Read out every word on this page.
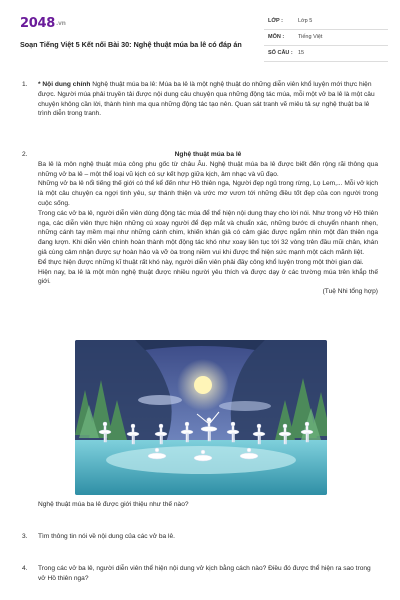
2048.vn
Soạn Tiếng Việt 5 Kết nối Bài 30: Nghệ thuật múa ba lê có đáp án
LỚP :	Lớp 5
MÔN :	Tiếng Việt
SỐ CÂU : 15
1. * Nội dung chính Nghệ thuật múa ba lê: Múa ba lê là một nghệ thuật do những diễn viên khổ luyện mới thực hiện được. Người múa phải truyền tải được nội dung câu chuyện qua những động tác múa, mỗi một vở ba lê là một câu chuyện không cần lời, thành hình ma qua những động tác tạo nên. Quan sát tranh vẽ miêu tả sự nghệ thuật ba lê trình diễn trong tranh.
2.	Nghệ thuật múa ba lê
Ba lê là môn nghệ thuật múa công phu gốc từ châu Âu. Nghệ thuật múa ba lê được biết đến rộng rãi thông qua những vở ba lê – một thể loại vũ kịch có sự kết hợp giữa kịch, âm nhạc và vũ đạo.
Những vở ba lê nổi tiếng thế giới có thể kể đến như Hồ thiên nga, Người đẹp ngủ trong rừng, Lọ Lem,... Mỗi vở kịch là một câu chuyện ca ngợi tình yêu, sự thánh thiện và ước mơ vươn tới những điều tốt đẹp của con người trong cuộc sống.
Trong các vở ba lê, người diễn viên dùng động tác múa để thể hiện nội dung thay cho lời nói. Như trong vở Hồ thiên nga, các diễn viên thực hiện những cú xoay người để đẹp mắt và chuẩn xác, những bước di chuyển nhanh nhẹn, những cánh tay mềm mại như những cánh chim, khiến khán giả có cảm giác được ngắm nhìn một đàn thiên nga đang lượn. Khi diễn viên chính hoàn thành một động tác khó như xoay liên tục tới 32 vòng trên đầu mũi chân, khán giả cùng cảm nhận được sự hoàn hảo và vỡ òa trong niềm vui khi được thể hiện sức mạnh một cách mãnh liệt.
Để thực hiện được những kĩ thuật rất khó này, người diễn viên phải đầy công khổ luyện trong một thời gian dài.
Hiện nay, ba lê là một môn nghệ thuật được nhiều người yêu thích và được dạy ở các trường múa trên khắp thế giới.
(Tuệ Nhi tổng hợp)
Nghệ thuật múa ba lê được giới thiệu như thế nào?
3. Tìm thông tin nói về nội dung của các vở ba lê.
4. Trong các vở ba lê, người diễn viên thể hiện nội dung vở kịch bằng cách nào? Điều đó được thể hiện ra sao trong vở Hồ thiên nga?
